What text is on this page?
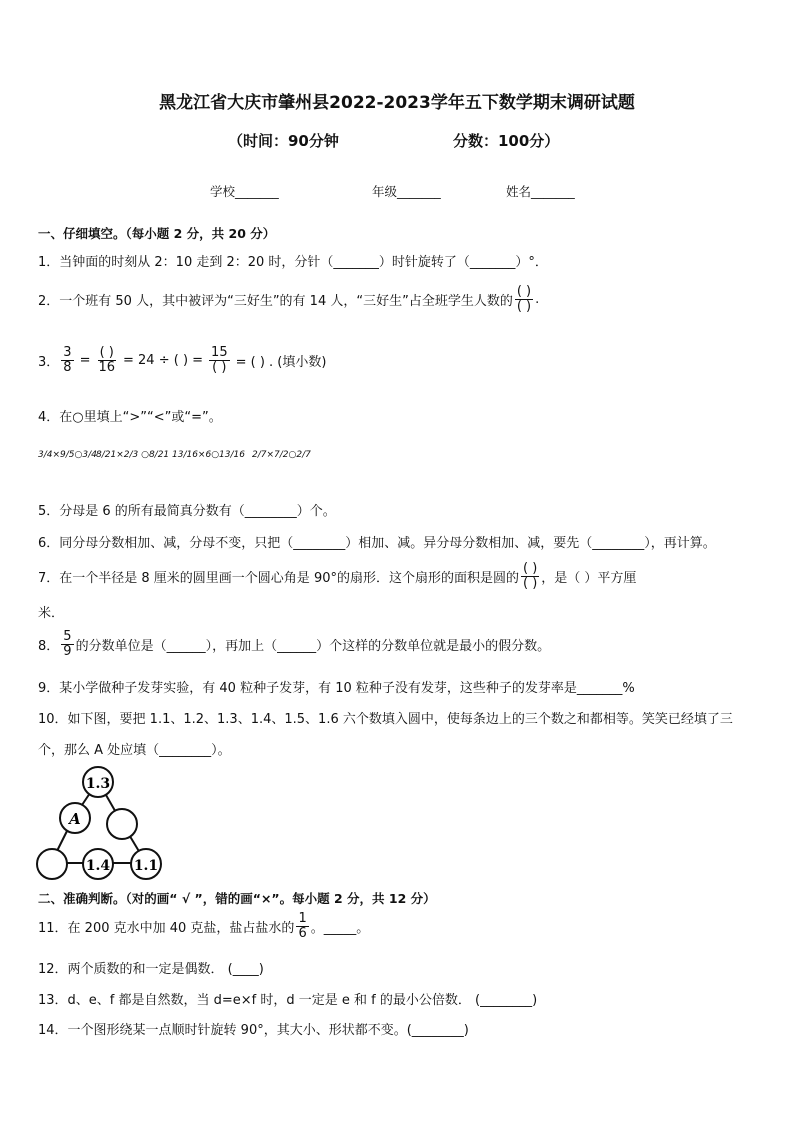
黑龙江省大庆市肇州县2022-2023学年五下数学期末调研试题
（时间：90分钟	分数：100分）
学校_______	年级_______	姓名_______
一、仔细填空。（每小题 2 分，共 20 分）
1．当钟面的时刻从 2：10 走到 2：20 时，分针（_______）时针旋转了（_______）°．
2．一个班有 50 人，其中被评为“三好生”的有 14 人，“三好生”占全班学生人数的 $\frac{( )}{( )}$ .
3． $\frac{3}{8} = \frac{( )}{16} = 24$ ÷ ( ) = $\frac{15}{( )}$ = ( ) . (填小数)
4．在○里填上“>”“<”或“=”。
3/4×9/5○3/4 8/21×2/3 ○8/21 13/16×6○13/16 2/7×7/2○2/7
5．分母是 6 的所有最简真分数有（________）个。
6．同分母分数相加、减，分母不变，只把（________）相加、减。异分母分数相加、减，要先（________），再计算。
7．在一个半径是 8 厘米的圆里画一个圆心角是 90°的扇形．这个扇形的面积是圆的 $\frac{( )}{( )}$ ，是（ ）平方厘
米．
8． $\frac{5}{9}$ 的分数单位是（______），再加上（______）个这样的分数单位就是最小的假分数。
9．某小学做种子发芽实验，有 40 粒种子发芽，有 10 粒种子没有发芽，这些种子的发芽率是_______%
10．如下图，要把 1.1、1.2、1.3、1.4、1.5、1.6 六个数填入圆中，使每条边上的三个数之和都相等。笑笑已经填了三
个，那么 A 处应填（________）。
1.3
A
1.4 1.1
二、准确判断。（对的画“ √ ”，错的画“×”。每小题 2 分，共 12 分）
11．在 200 克水中加 40 克盐，盐占盐水的 $\frac{1}{6}$ 。_____。
12．两个质数的和一定是偶数． (____)
13．d、e、f 都是自然数，当 d=e×f 时，d 一定是 e 和 f 的最小公倍数． (________)
14．一个图形绕某一点顺时针旋转 90°，其大小、形状都不变。(________)
